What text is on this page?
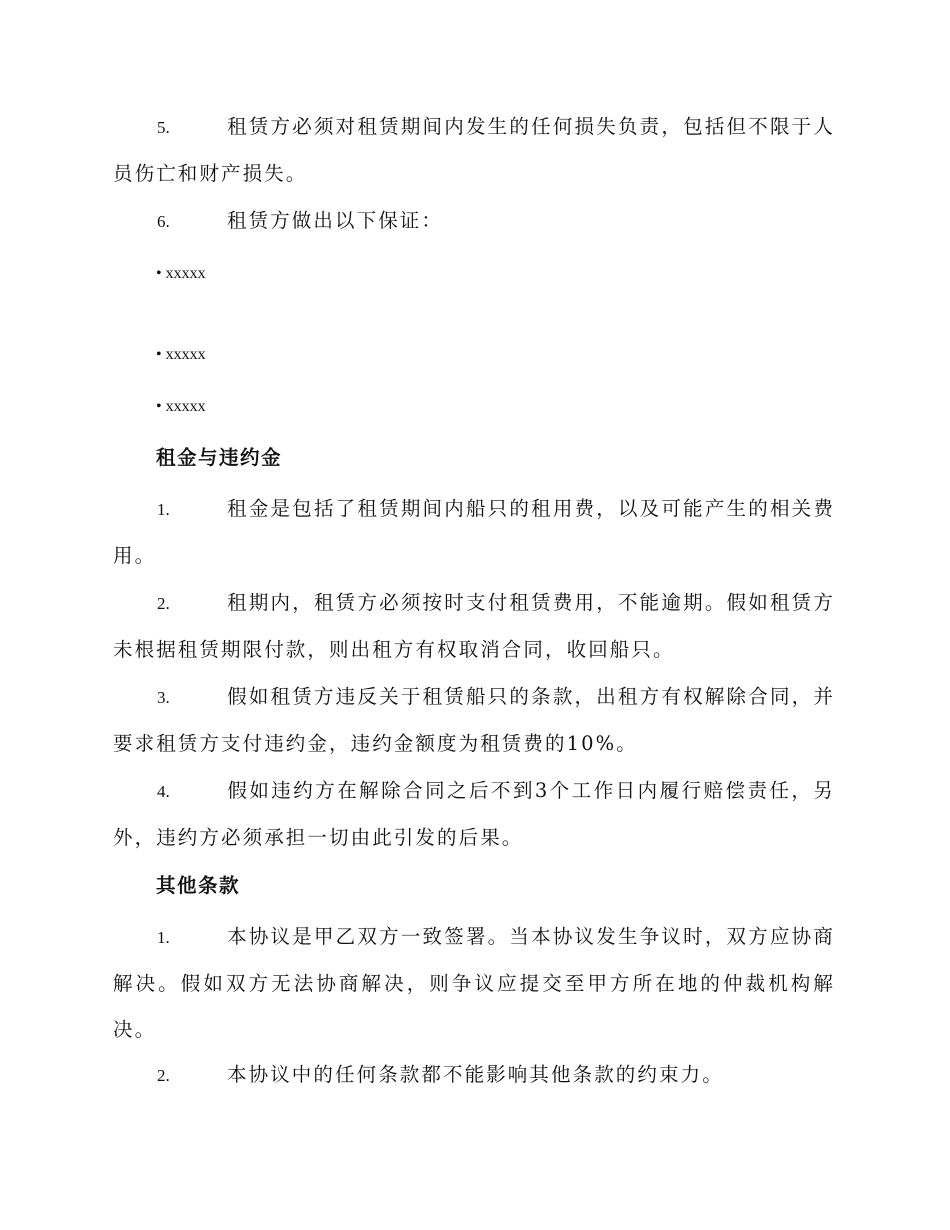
5.	租赁方必须对租赁期间内发生的任何损失负责，包括但不限于人员伤亡和财产损失。

6.	租赁方做出以下保证：

• xxxxx

• xxxxx

• xxxxx

租金与违约金

1.	租金是包括了租赁期间内船只的租用费，以及可能产生的相关费用。

2.	租期内，租赁方必须按时支付租赁费用，不能逾期。假如租赁方未根据租赁期限付款，则出租方有权取消合同，收回船只。

3.	假如租赁方违反关于租赁船只的条款，出租方有权解除合同，并要求租赁方支付违约金，违约金额度为租赁费的10%。

4.	假如违约方在解除合同之后不到3个工作日内履行赔偿责任，另外，违约方必须承担一切由此引发的后果。

其他条款

1.	本协议是甲乙双方一致签署。当本协议发生争议时，双方应协商解决。假如双方无法协商解决，则争议应提交至甲方所在地的仲裁机构解决。

2.	本协议中的任何条款都不能影响其他条款的约束力。
